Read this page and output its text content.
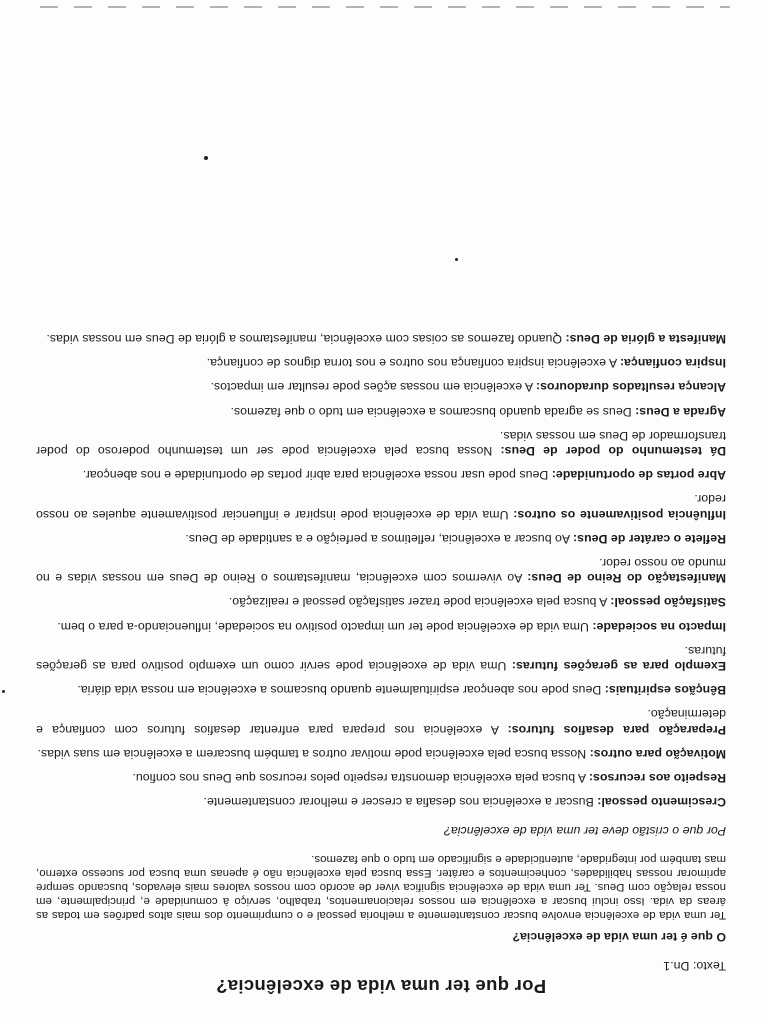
Por que ter uma vida de excelência?

Texto: Dn.1

O que é ter uma vida de excelência?

Ter uma vida de excelência envolve buscar constantemente a melhoria pessoal e o cumprimento dos mais altos padrões em todas as áreas da vida. Isso inclui buscar a excelência em nossos relacionamentos, trabalho, serviço à comunidade e, principalmente, em nossa relação com Deus. Ter uma vida de excelência significa viver de acordo com nossos valores mais elevados, buscando sempre aprimorar nossas habilidades, conhecimentos e caráter. Essa busca pela excelência não é apenas uma busca por sucesso externo, mas também por integridade, autenticidade e significado em tudo o que fazemos.

Por que o cristão deve ter uma vida de excelência?

Crescimento pessoal: Buscar a excelência nos desafia a crescer e melhorar constantemente.

Respeito aos recursos: A busca pela excelência demonstra respeito pelos recursos que Deus nos confiou.

Motivação para outros: Nossa busca pela excelência pode motivar outros a também buscarem a excelência em suas vidas.

Preparação para desafios futuros: A excelência nos prepara para enfrentar desafios futuros com confiança e determinação.

Bênçãos espirituais: Deus pode nos abençoar espiritualmente quando buscamos a excelência em nossa vida diária.

Exemplo para as gerações futuras: Uma vida de excelência pode servir como um exemplo positivo para as gerações futuras.

Impacto na sociedade: Uma vida de excelência pode ter um impacto positivo na sociedade, influenciando-a para o bem.

Satisfação pessoal: A busca pela excelência pode trazer satisfação pessoal e realização.

Manifestação do Reino de Deus: Ao vivermos com excelência, manifestamos o Reino de Deus em nossas vidas e no mundo ao nosso redor.

Reflete o caráter de Deus: Ao buscar a excelência, refletimos a perfeição e a santidade de Deus.

Influência positivamente os outros: Uma vida de excelência pode inspirar e influenciar positivamente aqueles ao nosso redor.

Abre portas de oportunidade: Deus pode usar nossa excelência para abrir portas de oportunidade e nos abençoar.

Dá testemunho do poder de Deus: Nossa busca pela excelência pode ser um testemunho poderoso do poder transformador de Deus em nossas vidas.

Agrada a Deus: Deus se agrada quando buscamos a excelência em tudo o que fazemos.

Alcança resultados duradouros: A excelência em nossas ações pode resultar em impactos.

Inspira confiança: A excelência inspira confiança nos outros e nos torna dignos de confiança.

Manifesta a glória de Deus: Quando fazemos as coisas com excelência, manifestamos a glória de Deus em nossas vidas.
